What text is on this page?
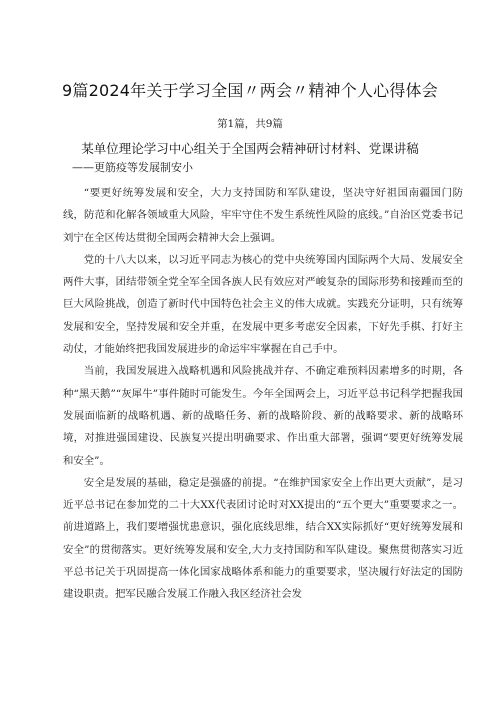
9篇2024年关于学习全国〃两会〃精神个人心得体会
第1篇，共9篇
某单位理论学习中心组关于全国两会精神研讨材料、党课讲稿
——更筋疫等发展制安小

“要更好统筹发展和安全，大力支持国防和军队建设，坚决守好祖国南疆国门防线，防范和化解各领域重大风险，牢牢守住不发生系统性风险的底线。”自治区党委书记刘宁在全区传达贯彻全国两会精神大会上强调。

党的十八大以来，以习近平同志为核心的党中央统筹国内国际两个大局、发展安全两件大事，团结带领全党全军全国各族人民有效应对严峻复杂的国际形势和接踵而至的巨大风险挑战，创造了新时代中国特色社会主义的伟大成就。实践充分证明，只有统筹发展和安全，坚持发展和安全并重，在发展中更多考虑安全因素，下好先手棋、打好主动仗，才能始终把我国发展进步的命运牢牢掌握在自己手中。

当前，我国发展进入战略机遇和风险挑战并存、不确定难预料因素增多的时期，各种“黑天鹅”“灰犀牛”事件随时可能发生。今年全国两会上，习近平总书记科学把握我国发展面临新的战略机遇、新的战略任务、新的战略阶段、新的战略要求、新的战略环境，对推进强国建设、民族复兴提出明确要求、作出重大部署，强调“要更好统筹发展和安全”。

安全是发展的基础，稳定是强盛的前提。“在维护国家安全上作出更大贡献”，是习近平总书记在参加党的二十大XX代表团讨论时对XX提出的“五个更大”重要要求之一。前进道路上，我们要增强忧患意识，强化底线思维，结合XX实际抓好“更好统筹发展和安全”的贯彻落实。更好统筹发展和安全,大力支持国防和军队建设。聚焦贯彻落实习近平总书记关于巩固提高一体化国家战略体系和能力的重要要求，坚决履行好法定的国防建设职责。把军民融合发展工作融入我区经济社会发
